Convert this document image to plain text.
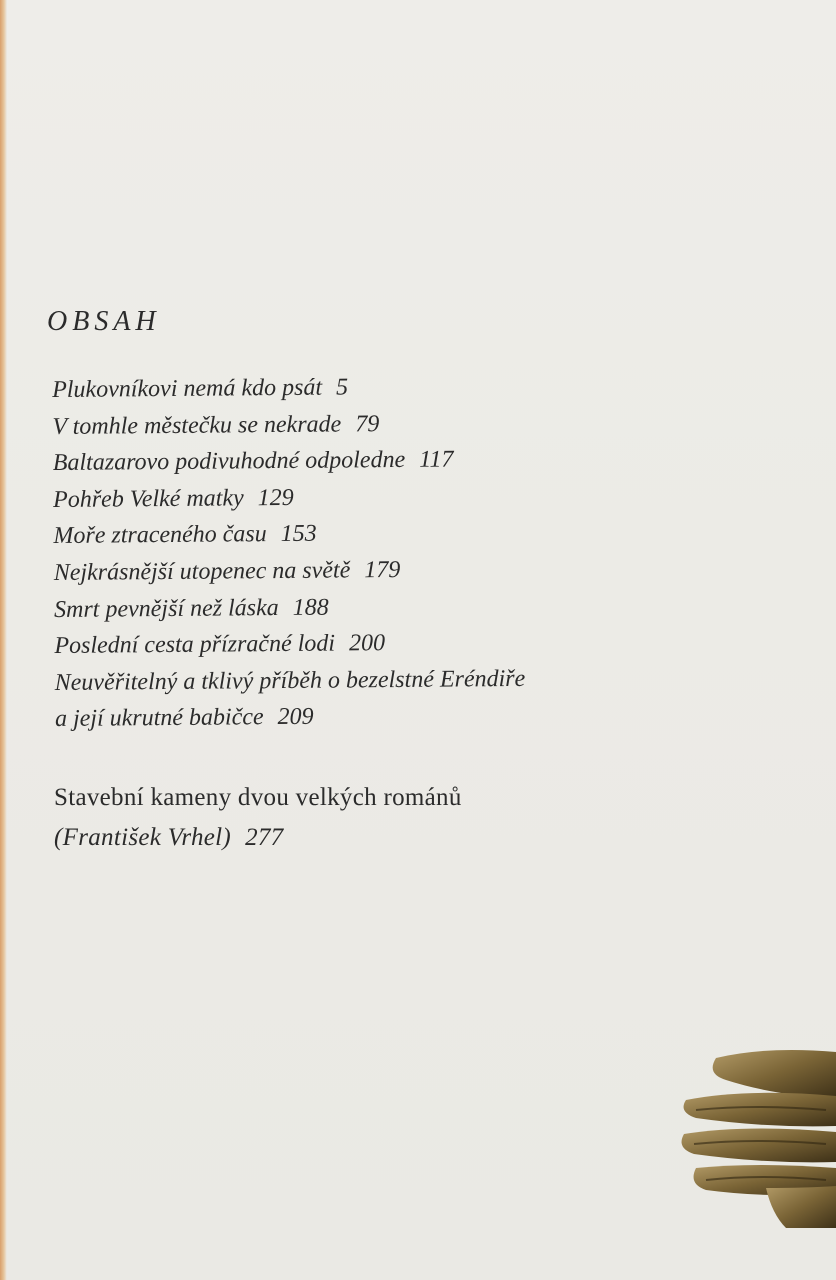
OBSAH
Plukovníkovi nemá kdo psát 5
V tomhle městečku se nekrade 79
Baltazarovo podivuhodné odpoledne 117
Pohřeb Velké matky 129
Moře ztraceného času 153
Nejkrásnější utopenec na světě 179
Smrt pevnější než láska 188
Poslední cesta přízračné lodi 200
Neuvěřitelný a tklivý příběh o bezelstné Eréndiře
a její ukrutné babičce 209
Stavební kameny dvou velkých románů
(František Vrhel) 277
